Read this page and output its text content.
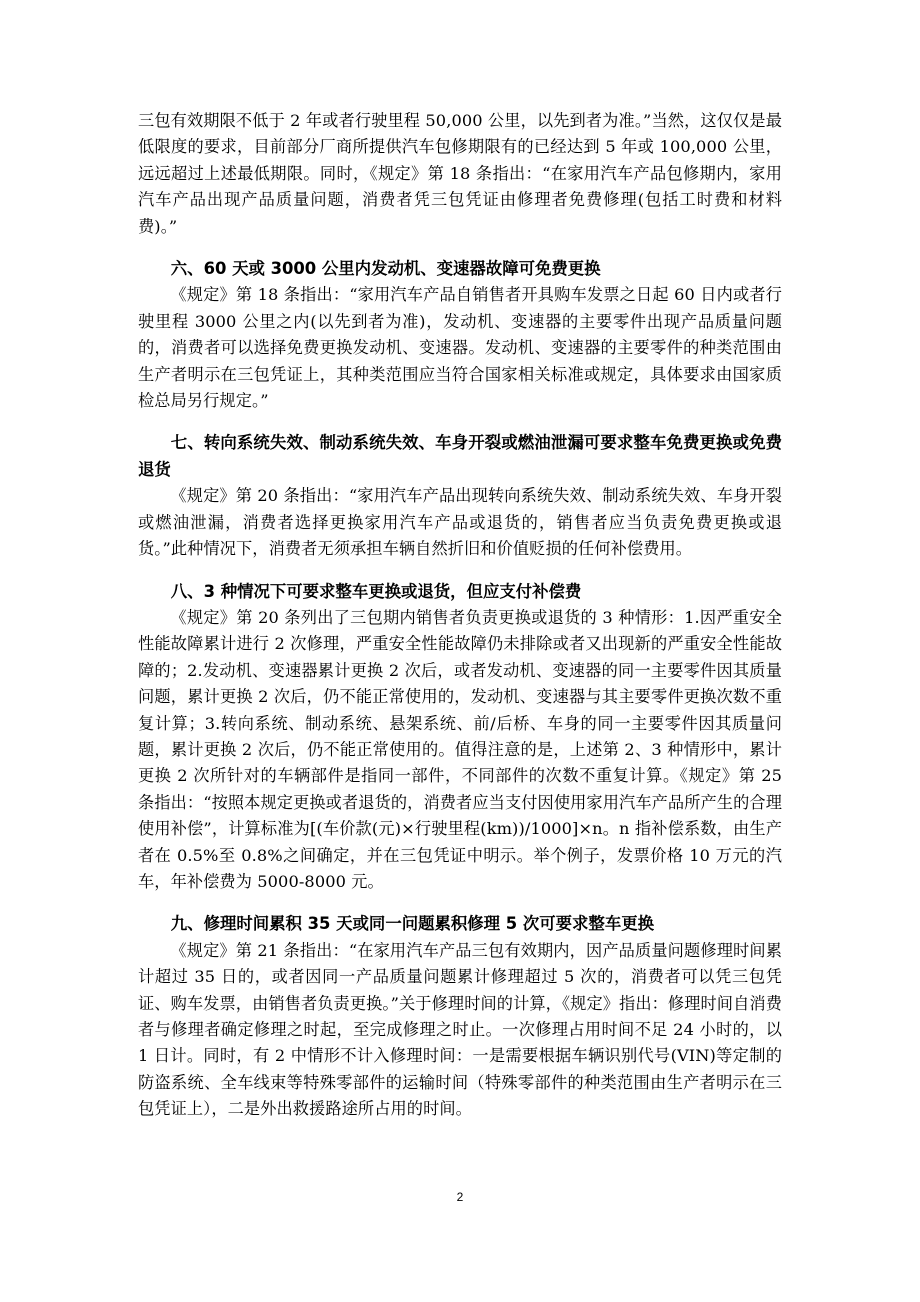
三包有效期限不低于 2 年或者行驶里程 50,000 公里，以先到者为准。”当然，这仅仅是最低限度的要求，目前部分厂商所提供汽车包修期限有的已经达到 5 年或 100,000 公里，远远超过上述最低期限。同时，《规定》第 18 条指出：“在家用汽车产品包修期内，家用汽车产品出现产品质量问题，消费者凭三包凭证由修理者免费修理(包括工时费和材料费)。”

六、60 天或 3000 公里内发动机、变速器故障可免费更换

《规定》第 18 条指出：“家用汽车产品自销售者开具购车发票之日起 60 日内或者行驶里程 3000 公里之内(以先到者为准)，发动机、变速器的主要零件出现产品质量问题的，消费者可以选择免费更换发动机、变速器。发动机、变速器的主要零件的种类范围由生产者明示在三包凭证上，其种类范围应当符合国家相关标准或规定，具体要求由国家质检总局另行规定。”

七、转向系统失效、制动系统失效、车身开裂或燃油泄漏可要求整车免费更换或免费退货

《规定》第 20 条指出：“家用汽车产品出现转向系统失效、制动系统失效、车身开裂或燃油泄漏，消费者选择更换家用汽车产品或退货的，销售者应当负责免费更换或退货。”此种情况下，消费者无须承担车辆自然折旧和价值贬损的任何补偿费用。

八、3 种情况下可要求整车更换或退货，但应支付补偿费

《规定》第 20 条列出了三包期内销售者负责更换或退货的 3 种情形：1.因严重安全性能故障累计进行 2 次修理，严重安全性能故障仍未排除或者又出现新的严重安全性能故障的；2.发动机、变速器累计更换 2 次后，或者发动机、变速器的同一主要零件因其质量问题，累计更换 2 次后，仍不能正常使用的，发动机、变速器与其主要零件更换次数不重复计算；3.转向系统、制动系统、悬架系统、前/后桥、车身的同一主要零件因其质量问题，累计更换 2 次后，仍不能正常使用的。值得注意的是，上述第 2、3 种情形中，累计更换 2 次所针对的车辆部件是指同一部件，不同部件的次数不重复计算。《规定》第 25 条指出：“按照本规定更换或者退货的，消费者应当支付因使用家用汽车产品所产生的合理使用补偿”，计算标准为[(车价款(元)×行驶里程(km))/1000]×n。n 指补偿系数，由生产者在 0.5%至 0.8%之间确定，并在三包凭证中明示。举个例子，发票价格 10 万元的汽车，年补偿费为 5000-8000 元。

九、修理时间累积 35 天或同一问题累积修理 5 次可要求整车更换

《规定》第 21 条指出：“在家用汽车产品三包有效期内，因产品质量问题修理时间累计超过 35 日的，或者因同一产品质量问题累计修理超过 5 次的，消费者可以凭三包凭证、购车发票，由销售者负责更换。”关于修理时间的计算，《规定》指出：修理时间自消费者与修理者确定修理之时起，至完成修理之时止。一次修理占用时间不足 24 小时的，以 1 日计。同时，有 2 中情形不计入修理时间：一是需要根据车辆识别代号(VIN)等定制的防盗系统、全车线束等特殊零部件的运输时间（特殊零部件的种类范围由生产者明示在三包凭证上），二是外出救援路途所占用的时间。

2
